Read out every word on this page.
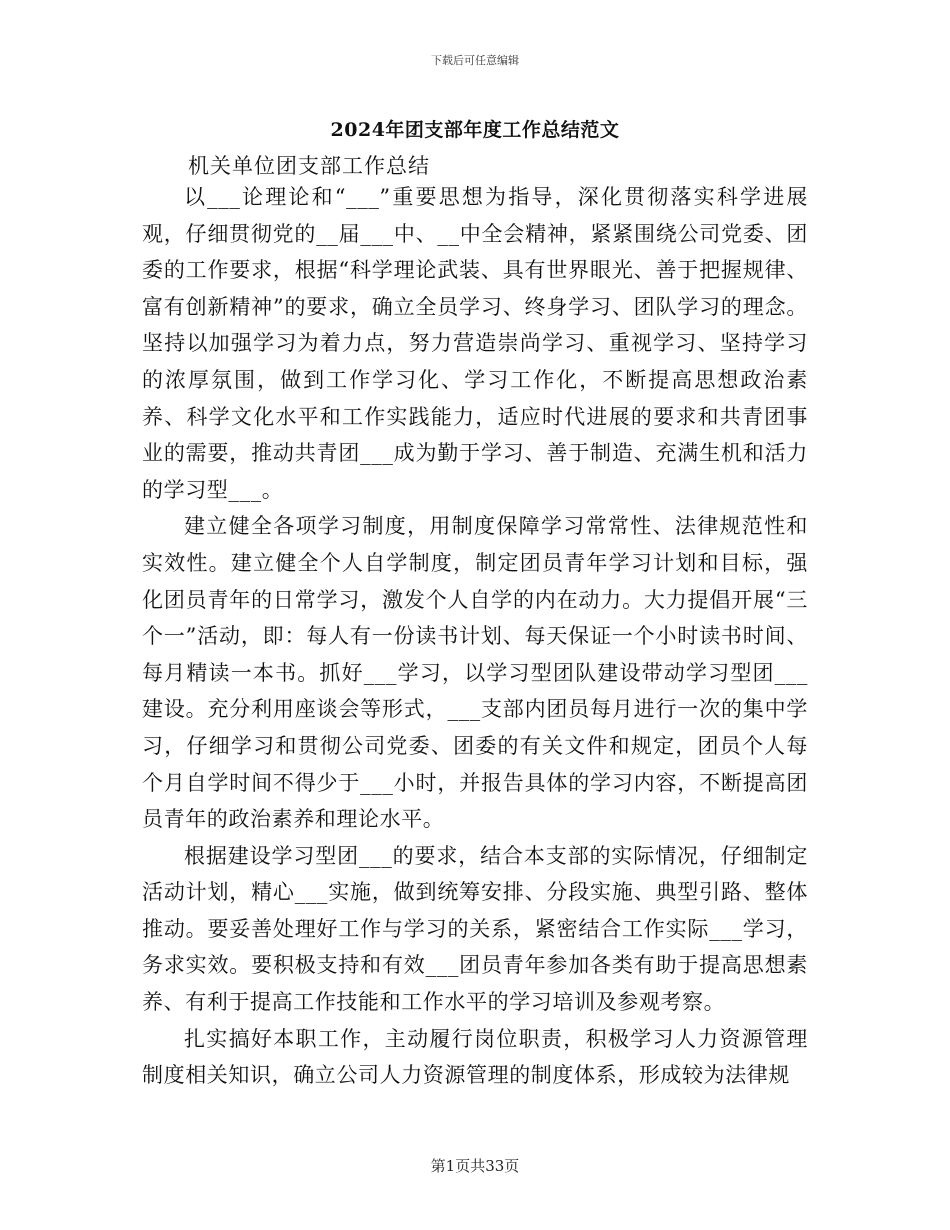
下载后可任意编辑
2024年团支部年度工作总结范文
机关单位团支部工作总结

以___论理论和“___”重要思想为指导，深化贯彻落实科学进展观，仔细贯彻党的__届___中、__中全会精神，紧紧围绕公司党委、团委的工作要求，根据“科学理论武装、具有世界眼光、善于把握规律、富有创新精神”的要求，确立全员学习、终身学习、团队学习的理念。坚持以加强学习为着力点，努力营造崇尚学习、重视学习、坚持学习的浓厚氛围，做到工作学习化、学习工作化，不断提高思想政治素养、科学文化水平和工作实践能力，适应时代进展的要求和共青团事业的需要，推动共青团___成为勤于学习、善于制造、充满生机和活力的学习型___。

建立健全各项学习制度，用制度保障学习常常性、法律规范性和实效性。建立健全个人自学制度，制定团员青年学习计划和目标，强化团员青年的日常学习，激发个人自学的内在动力。大力提倡开展“三个一”活动，即：每人有一份读书计划、每天保证一个小时读书时间、每月精读一本书。抓好___学习，以学习型团队建设带动学习型团___建设。充分利用座谈会等形式，___支部内团员每月进行一次的集中学习，仔细学习和贯彻公司党委、团委的有关文件和规定，团员个人每个月自学时间不得少于___小时，并报告具体的学习内容，不断提高团员青年的政治素养和理论水平。

根据建设学习型团___的要求，结合本支部的实际情况，仔细制定活动计划，精心___实施，做到统筹安排、分段实施、典型引路、整体推动。要妥善处理好工作与学习的关系，紧密结合工作实际___学习，务求实效。要积极支持和有效___团员青年参加各类有助于提高思想素养、有利于提高工作技能和工作水平的学习培训及参观考察。

扎实搞好本职工作，主动履行岗位职责，积极学习人力资源管理制度相关知识，确立公司人力资源管理的制度体系，形成较为法律规

第1页共33页
